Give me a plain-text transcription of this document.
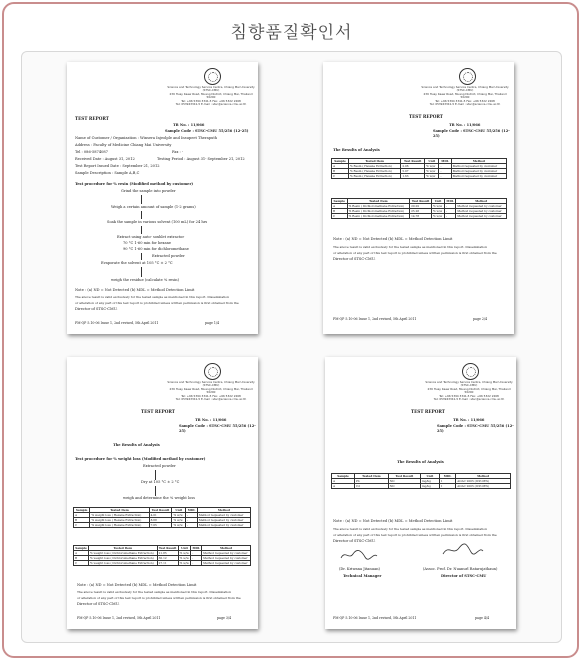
침향품질확인서
Science and Technology Service Centre, Chiang Mai University
(STSC-CMU)
239 Huay Kaew Road, Muang District, Chiang Mai, Thailand 50200
Tel: +66 5394 3341-5 Fax: +66 5322 2268
Tel: 053943341-5 E-mail : stsc@science.cmu.ac.th
TEST REPORT
TR No. : 11/066
Sample Code : STSC-CMU 55/256 (12-25)
Name of Customer / Organization : Winsera Injeolple and Insupeet Theraputh
Address : Faculty of Medicine Chiang Mai University
Tel : 086-5874087	Fax : -
Received Date : August 31, 2012	Testing Period : August 31- September 21, 2012
Test Report Issued Date : September 21, 2012
Sample Description : Sample A,B,C
Test procedure for % resin (Modified method by customer)
Grind the sample into powder
Weigh a certain amount of sample (1-2 grams)
Soak the sample in various solvent (100 mL) for 24 hrs
Extract using auto- soxhlet extractor
70 °C 1-60 min for hexane
90 °C 1-60 min for dichloromethane
Extracted powder
Evaporate the solvent at 105 °C ± 2 °C
weigh the residue (calculate % resin)
Note : (a) ND = Not Detected (b) MDL = Method Detection Limit
The above result is valid exclusively for the tested sample as mentioned in this report. Dissemination
or alteration of any part of this test report is prohibited unless written permission is first obtained from the
Director of STSC-CMU.
FM-QP 5.10-06 Issue 1, 2nd revised, 5th April 2011	page 1/4
Science and Technology Service Centre, Chiang Mai University
(STSC-CMU)
239 Huay Kaew Road, Muang District, Chiang Mai, Thailand 50200
Tel: +66 5394 3341-5 Fax: +66 5322 2268
Tel: 053943341-5 E-mail : stsc@science.cmu.ac.th
TEST REPORT
TR No. : 11/066
Sample Code : STSC-CMU 55/256 (12-25)
The Results of Analysis
Sample	Tested Item	Test Result	Unit	MDL	Method
A	% Resin ( Hexane Extraction)	2.06	% w/w	-	Method requested by customer
B	% Resin ( Hexane Extraction)	5.07	% w/w	-	Method requested by customer
C	% Resin ( Hexane Extraction)	1.63	% w/w	-	Method requested by customer
Sample	Tested Item	Test Result	Unit	MDL	Method
A	% Resin ( Dichloromethane Extraction)	20.02	% w/w	-	Method requested by customer
B	% Resin ( Dichloromethane Extraction)	25.26	% w/w	-	Method requested by customer
C	% Resin ( Dichloromethane Extraction)	14.78	% w/w	-	Method requested by customer
Note : (a) ND = Not Detected (b) MDL = Method Detection Limit
The above result is valid exclusively for the tested sample as mentioned in this report. Dissemination
or alteration of any part of this test report is prohibited unless written permission is first obtained from the
Director of STSC-CMU.
FM-QP 5.10-06 Issue 1, 2nd revised, 5th April 2011	page 2/4
Science and Technology Service Centre, Chiang Mai University
(STSC-CMU)
239 Huay Kaew Road, Muang District, Chiang Mai, Thailand 50200
Tel: +66 5394 3341-5 Fax: +66 5322 2268
Tel: 053943341-5 E-mail : stsc@science.cmu.ac.th
TEST REPORT
TR No. : 11/066
Sample Code : STSC-CMU 55/256 (12-25)
The Results of Analysis
Test procedure for % weight loss (Modified method by customer)
Extracted powder
Dry at 105 °C ± 2 °C
weigh and determine the % weight loss
Sample	Tested Item	Test Result	Unit	MDL	Method
A	% weight loss ( Hexane Extraction)	4.01	% w/w	-	Method requested by customer
B	% weight loss ( Hexane Extraction)	8.68	% w/w	-	Method requested by customer
C	% weight loss ( Hexane Extraction)	7.05	% w/w	-	Method requested by customer
Sample	Tested Item	Test Result	Unit	MDL	Method
A	% weight loss ( Dichloromethane Extraction)	21.85	% w/w	-	Method requested by customer
B	% weight loss ( Dichloromethane Extraction)	30.12	% w/w	-	Method requested by customer
C	% weight loss ( Dichloromethane Extraction)	27.11	% w/w	-	Method requested by customer
Note : (a) ND = Not Detected (b) MDL = Method Detection Limit
The above result is valid exclusively for the tested sample as mentioned in this report. Dissemination
or alteration of any part of this test report is prohibited unless written permission is first obtained from the
Director of STSC-CMU.
FM-QP 5.10-06 Issue 1, 2nd revised, 5th April 2011	page 3/4
Science and Technology Service Centre, Chiang Mai University
(STSC-CMU)
239 Huay Kaew Road, Muang District, Chiang Mai, Thailand 50200
Tel: +66 5394 3341-5 Fax: +66 5322 2268
Tel: 053943341-5 E-mail : stsc@science.cmu.ac.th
TEST REPORT
TR No. : 11/066
Sample Code : STSC-CMU 55/256 (12-25)
The Results of Analysis
Sample	Tested Item	Test Result	Unit	MDL	Method
A	Pb	ND	mg/kg	1	AOAC 2005 (ICP-OES)
A	Cd	ND	mg/kg	1	AOAC 2005 (ICP-OES)
Note : (a) ND = Not Detected (b) MDL = Method Detection Limit
The above result is valid exclusively for the tested sample as mentioned in this report. Dissemination
or alteration of any part of this test report is prohibited unless written permission is first obtained from the
Director of STSC-CMU.
(Dr. Kriwana Jitanuan)
Technical Manager
(Assoc. Prof. Dr. Nuanurl Ratarujathaun)
Director of STSC-CMU
FM-QP 5.10-06 Issue 1, 2nd revised, 5th April 2011	page 4/4
